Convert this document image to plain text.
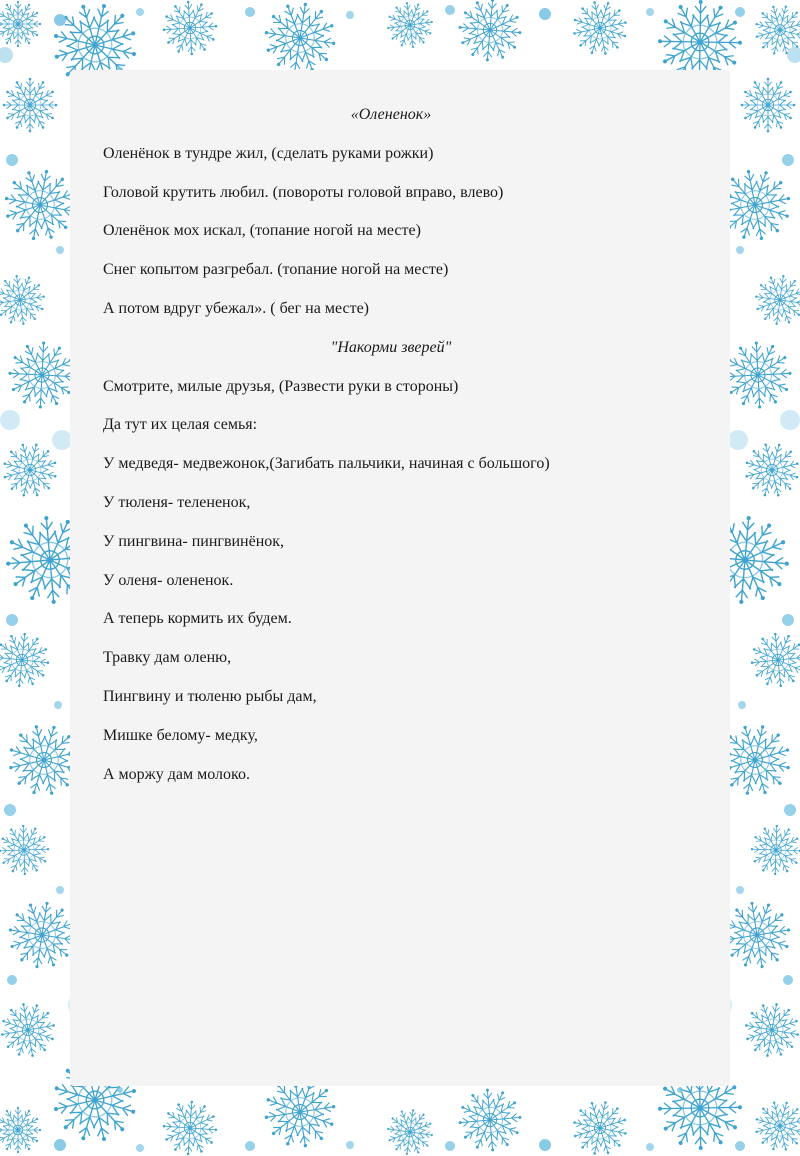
«Олененок»
Оленёнок в тундре жил, (сделать руками рожки)
Головой крутить любил. (повороты головой вправо, влево)
Оленёнок мох искал, (топание ногой на месте)
Снег копытом разгребал. (топание ногой на месте)
А потом вдруг убежал». ( бег на месте)
"Накорми зверей"
Смотрите, милые друзья, (Развести руки в стороны)
Да тут их целая семья:
У медведя- медвежонок,(Загибать пальчики, начиная с большого)
У тюленя- телененок,
У пингвина- пингвинёнок,
У оленя- олененок.
А теперь кормить их будем.
Травку дам оленю,
Пингвину и тюленю рыбы дам,
Мишке белому- медку,
А моржу дам молоко.
